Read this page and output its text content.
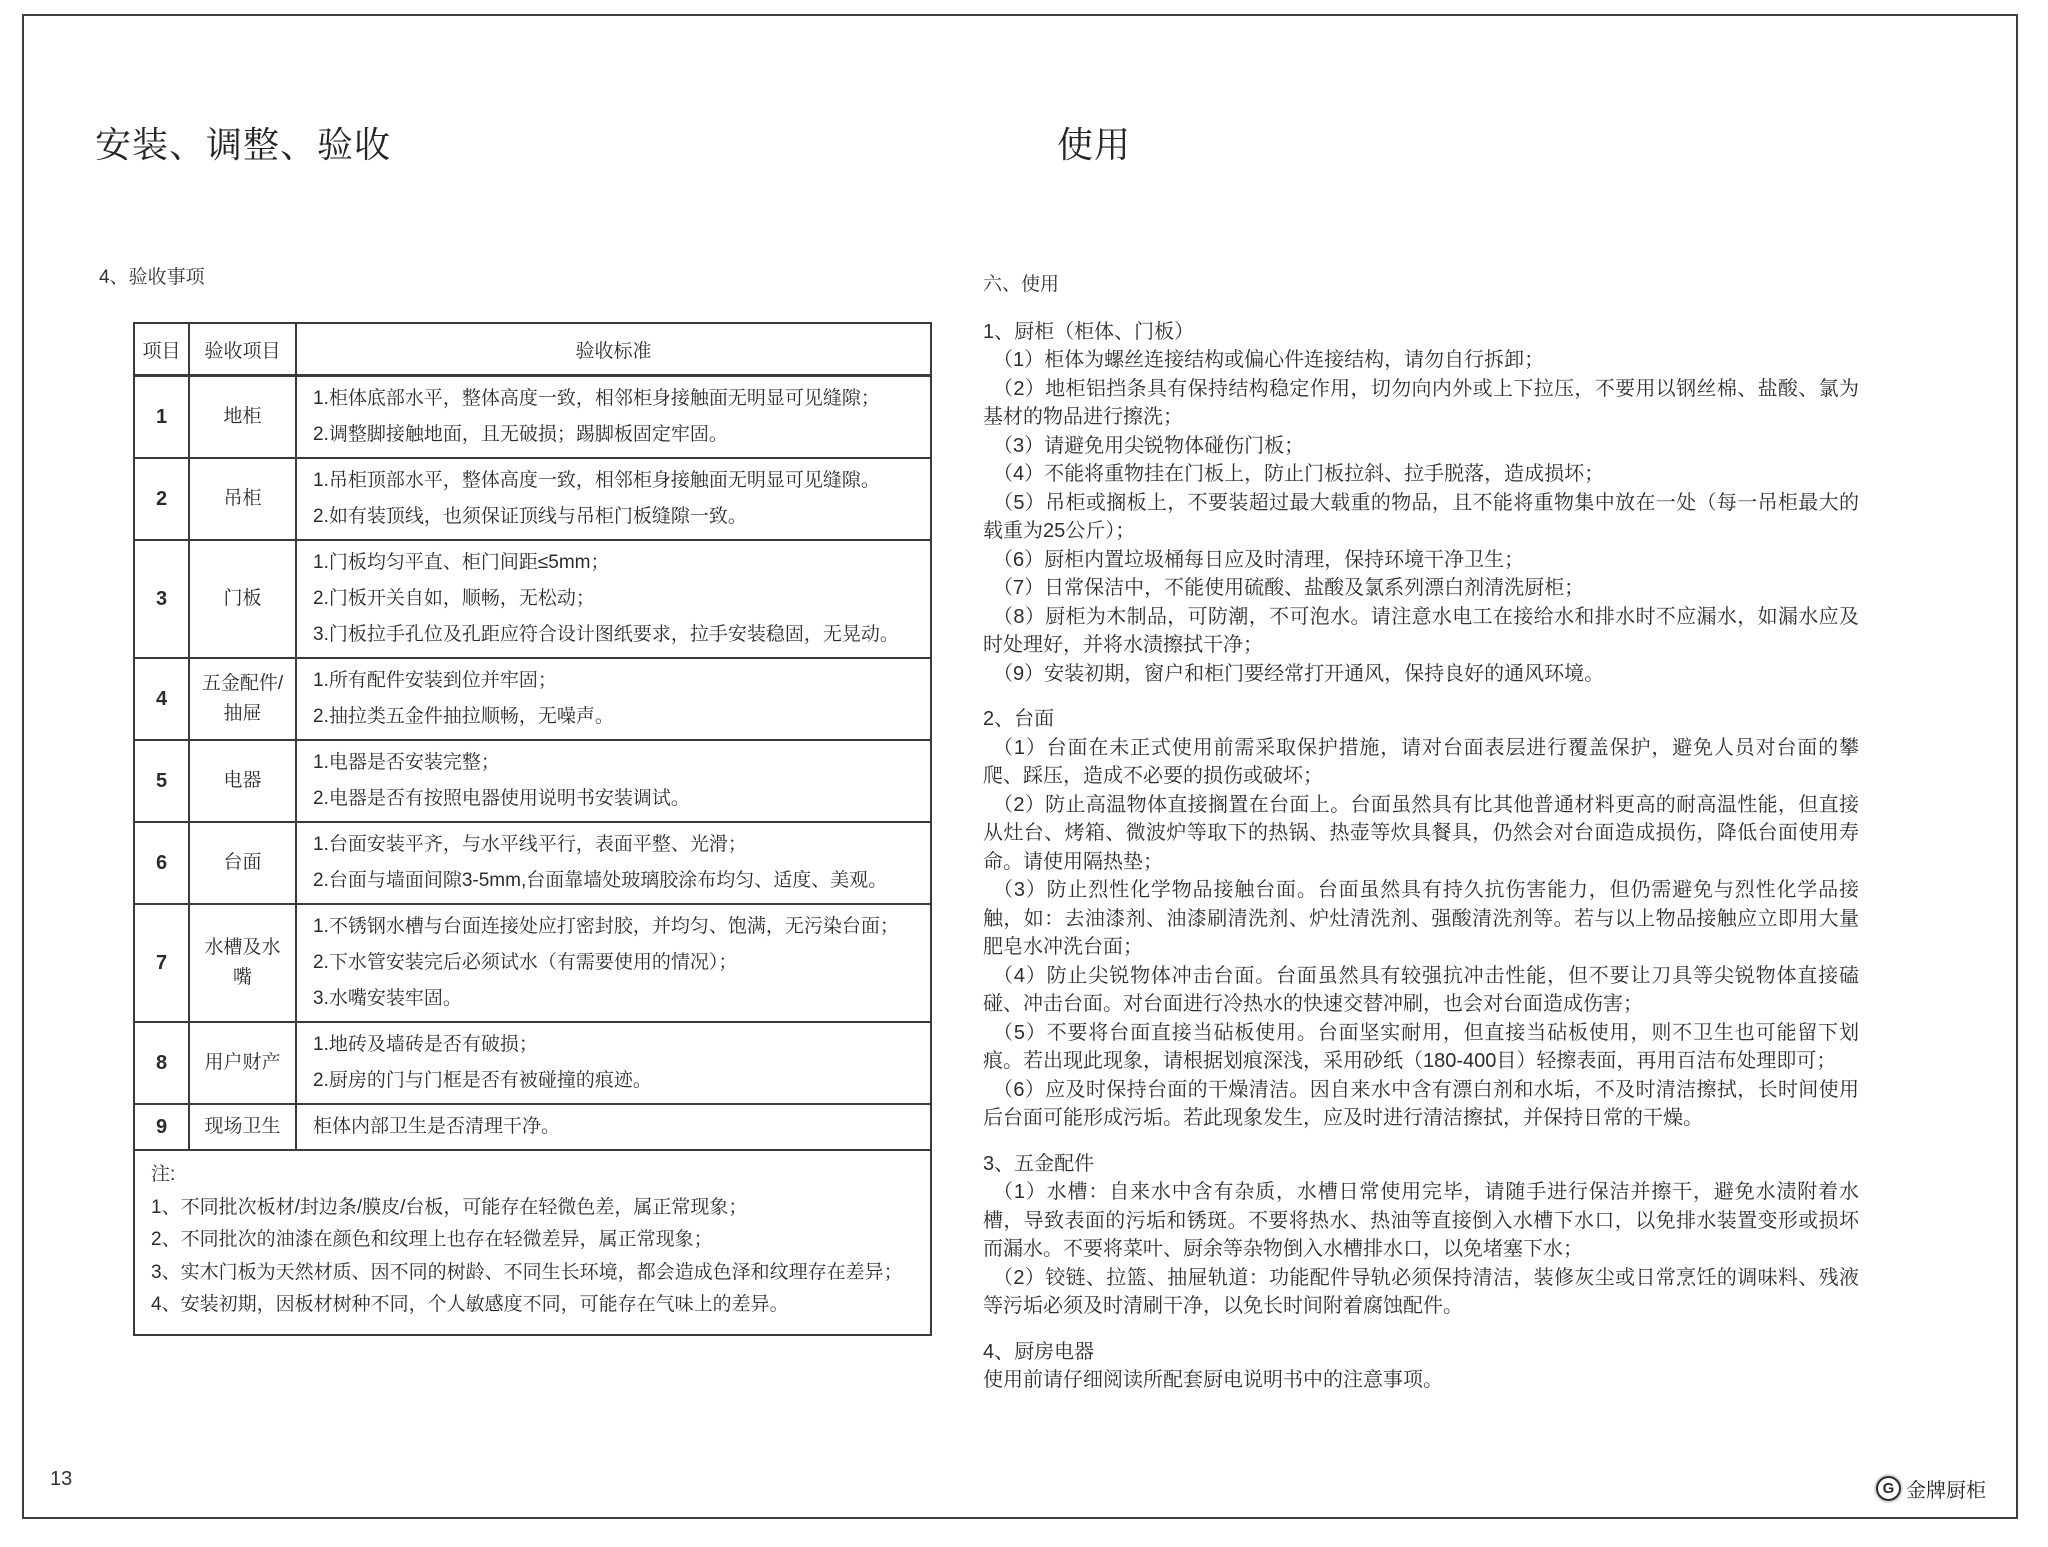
安装、调整、验收
4、验收事项
项目	验收项目	验收标准
1	地柜	1.柜体底部水平，整体高度一致，相邻柜身接触面无明显可见缝隙；
2.调整脚接触地面，且无破损；踢脚板固定牢固。

2	吊柜	1.吊柜顶部水平，整体高度一致，相邻柜身接触面无明显可见缝隙。
2.如有装顶线，也须保证顶线与吊柜门板缝隙一致。

3	门板	1.门板均匀平直、柜门间距≤5mm；
2.门板开关自如，顺畅，无松动；
3.门板拉手孔位及孔距应符合设计图纸要求，拉手安装稳固，无晃动。

4	五金配件/抽屉	1.所有配件安装到位并牢固；
2.抽拉类五金件抽拉顺畅，无噪声。

5	电器	1.电器是否安装完整；
2.电器是否有按照电器使用说明书安装调试。

6	台面	1.台面安装平齐，与水平线平行，表面平整、光滑；
2.台面与墙面间隙3-5mm,台面靠墙处玻璃胶涂布均匀、适度、美观。

7	水槽及水嘴	1.不锈钢水槽与台面连接处应打密封胶，并均匀、饱满，无污染台面；
2.下水管安装完后必须试水（有需要使用的情况）；
3.水嘴安装牢固。

8	用户财产	1.地砖及墙砖是否有破损；
2.厨房的门与门框是否有被碰撞的痕迹。

9	现场卫生	柜体内部卫生是否清理干净。

注:
1、不同批次板材/封边条/膜皮/台板，可能存在轻微色差，属正常现象；
2、不同批次的油漆在颜色和纹理上也存在轻微差异，属正常现象；
3、实木门板为天然材质、因不同的树龄、不同生长环境，都会造成色泽和纹理存在差异；
4、安装初期，因板材树种不同，个人敏感度不同，可能存在气味上的差异。		
使用
六、使用
1、厨柜（柜体、门板）

（1）柜体为螺丝连接结构或偏心件连接结构，请勿自行拆卸；

（2）地柜铝挡条具有保持结构稳定作用，切勿向内外或上下拉压，不要用以钢丝棉、盐酸、氯为基材的物品进行擦洗；

（3）请避免用尖锐物体碰伤门板；

（4）不能将重物挂在门板上，防止门板拉斜、拉手脱落，造成损坏；

（5）吊柜或搁板上，不要装超过最大载重的物品，且不能将重物集中放在一处（每一吊柜最大的载重为25公斤）；

（6）厨柜内置垃圾桶每日应及时清理，保持环境干净卫生；

（7）日常保洁中，不能使用硫酸、盐酸及氯系列漂白剂清洗厨柜；

（8）厨柜为木制品，可防潮，不可泡水。请注意水电工在接给水和排水时不应漏水，如漏水应及时处理好，并将水渍擦拭干净；

（9）安装初期，窗户和柜门要经常打开通风，保持良好的通风环境。

2、台面

（1）台面在未正式使用前需采取保护措施，请对台面表层进行覆盖保护，避免人员对台面的攀爬、踩压，造成不必要的损伤或破坏；

（2）防止高温物体直接搁置在台面上。台面虽然具有比其他普通材料更高的耐高温性能，但直接从灶台、烤箱、微波炉等取下的热锅、热壶等炊具餐具，仍然会对台面造成损伤，降低台面使用寿命。请使用隔热垫；

（3）防止烈性化学物品接触台面。台面虽然具有持久抗伤害能力，但仍需避免与烈性化学品接触，如：去油漆剂、油漆刷清洗剂、炉灶清洗剂、强酸清洗剂等。若与以上物品接触应立即用大量肥皂水冲洗台面；

（4）防止尖锐物体冲击台面。台面虽然具有较强抗冲击性能，但不要让刀具等尖锐物体直接磕碰、冲击台面。对台面进行冷热水的快速交替冲刷，也会对台面造成伤害；

（5）不要将台面直接当砧板使用。台面坚实耐用，但直接当砧板使用，则不卫生也可能留下划痕。若出现此现象，请根据划痕深浅，采用砂纸（180-400目）轻擦表面，再用百洁布处理即可；

（6）应及时保持台面的干燥清洁。因自来水中含有漂白剂和水垢，不及时清洁擦拭，长时间使用后台面可能形成污垢。若此现象发生，应及时进行清洁擦拭，并保持日常的干燥。

3、五金配件

（1）水槽：自来水中含有杂质，水槽日常使用完毕，请随手进行保洁并擦干，避免水渍附着水槽，导致表面的污垢和锈斑。不要将热水、热油等直接倒入水槽下水口，以免排水装置变形或损坏而漏水。不要将菜叶、厨余等杂物倒入水槽排水口，以免堵塞下水；

（2）铰链、拉篮、抽屉轨道：功能配件导轨必须保持清洁，装修灰尘或日常烹饪的调味料、残液等污垢必须及时清刷干净，以免长时间附着腐蚀配件。

4、厨房电器

使用前请仔细阅读所配套厨电说明书中的注意事项。

13	G 金牌厨柜
